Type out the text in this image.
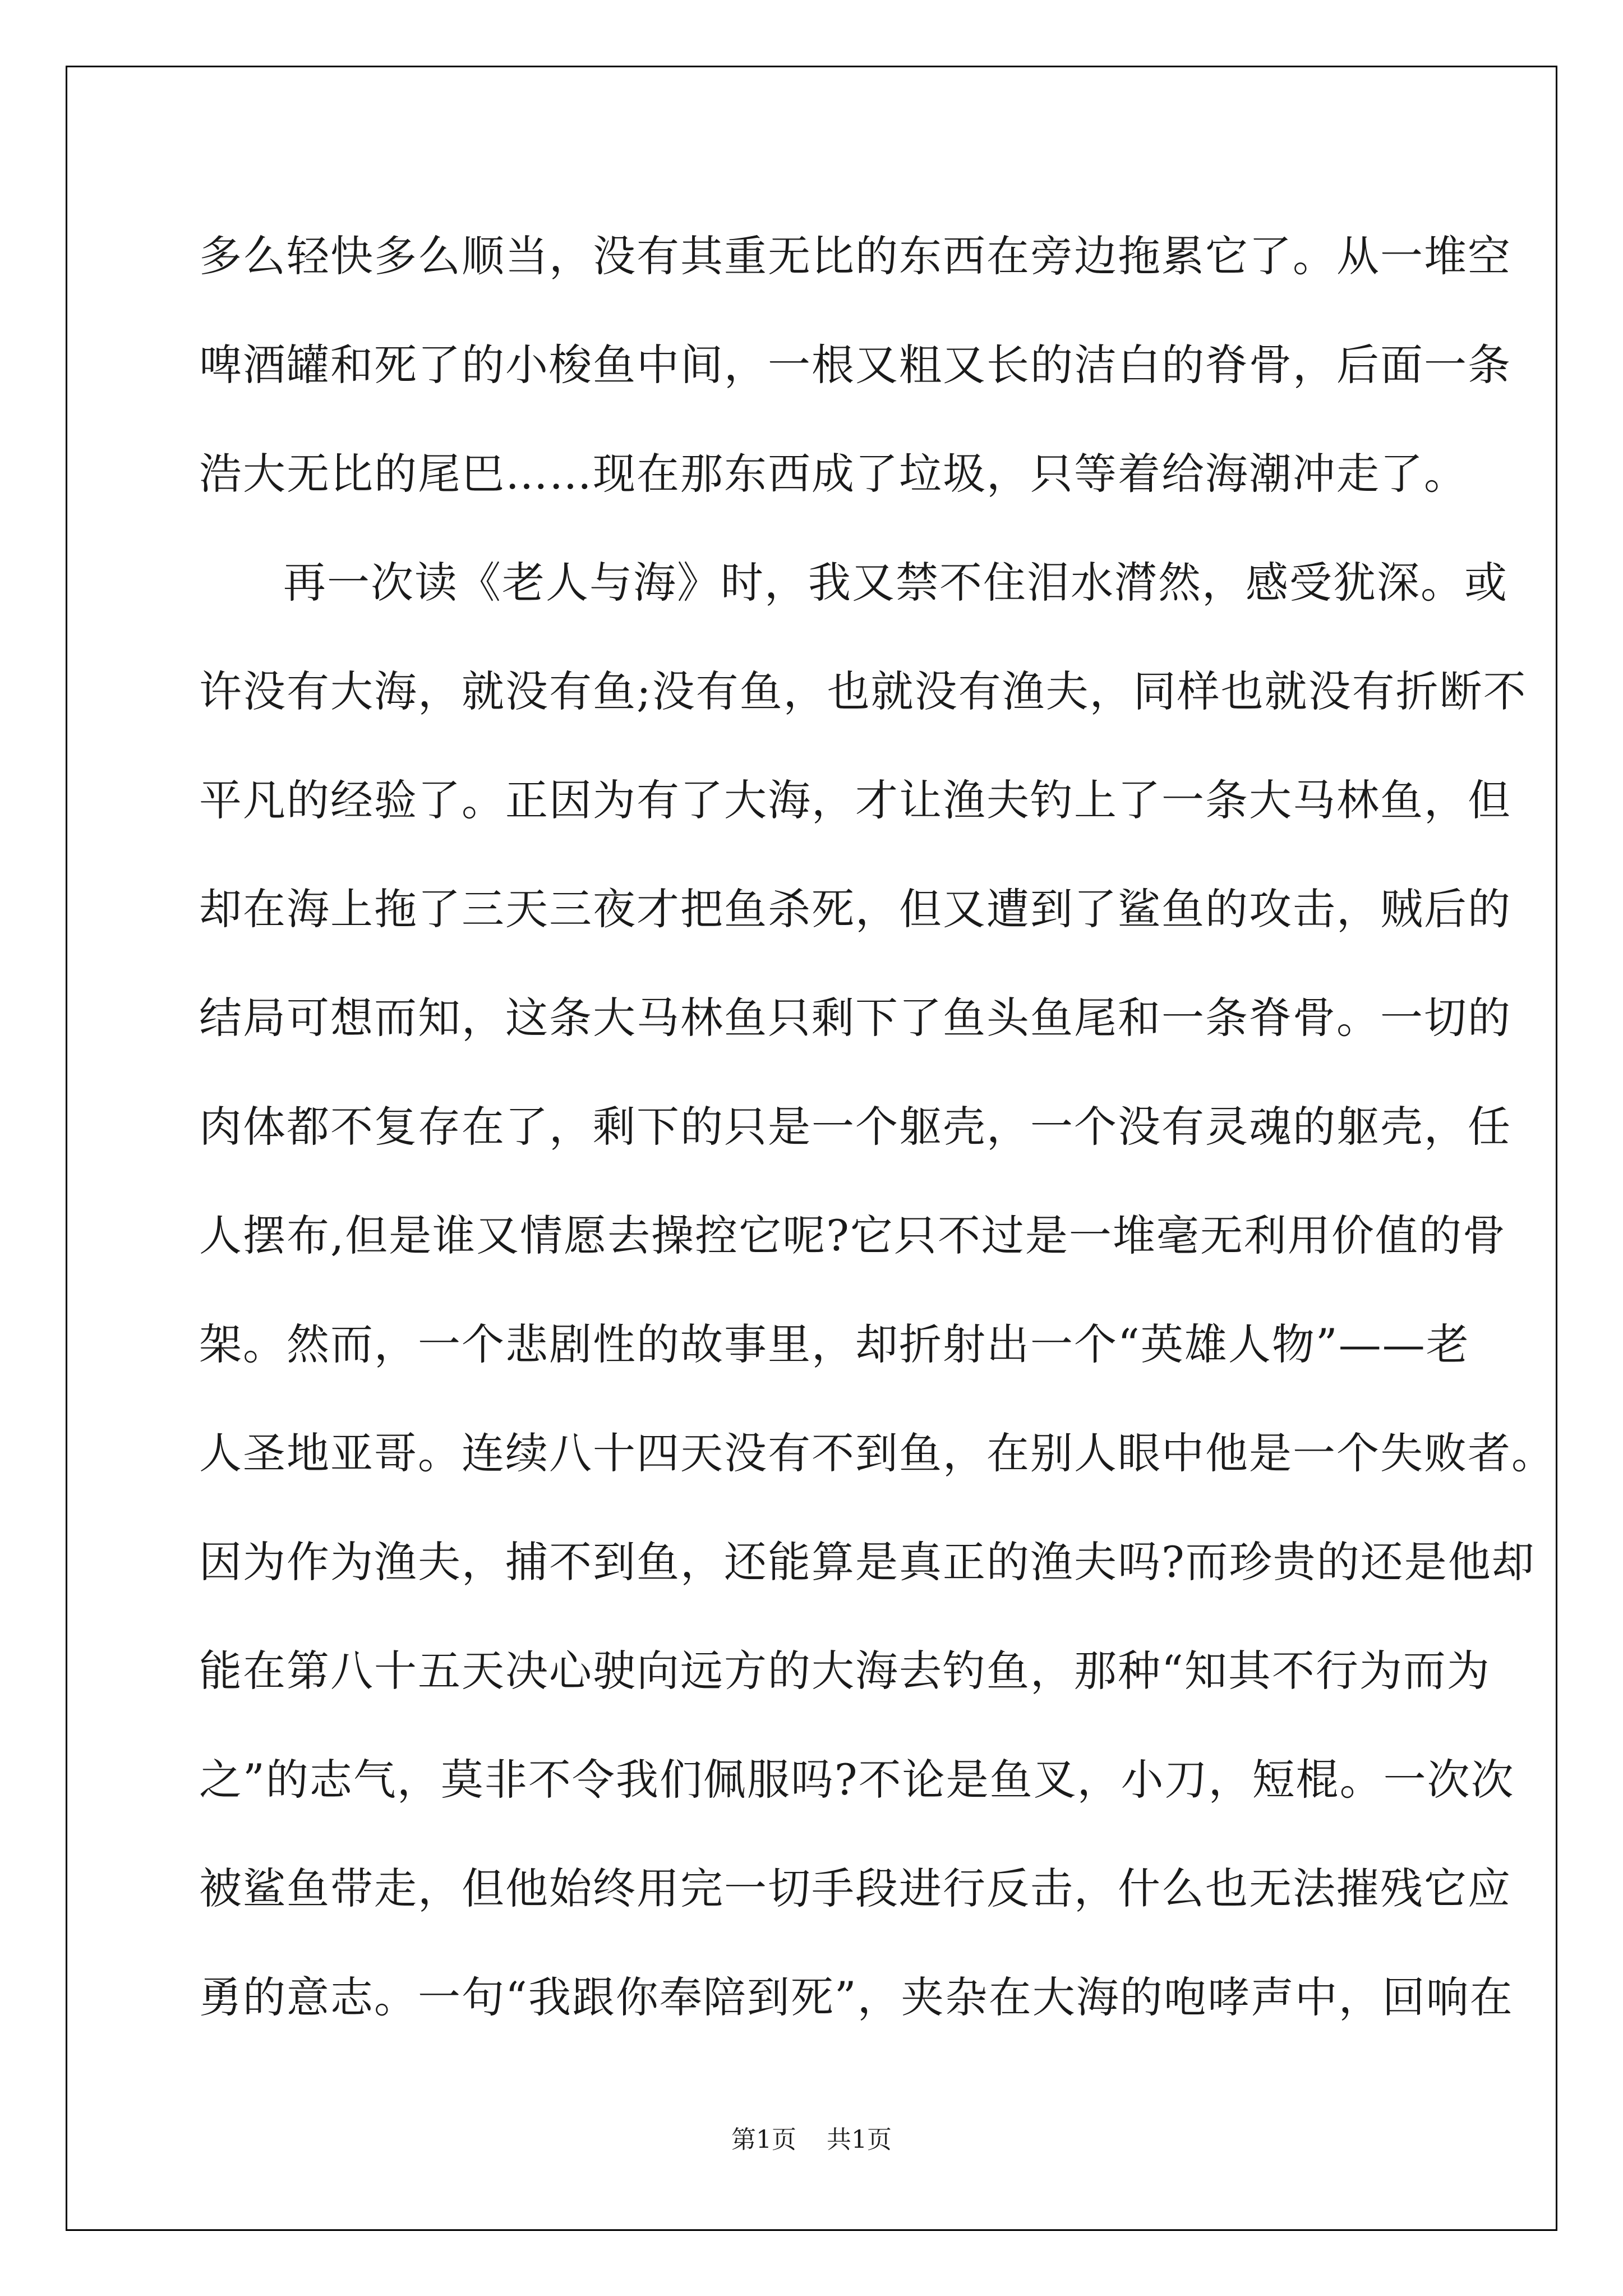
多么轻快多么顺当，没有其重无比的东西在旁边拖累它了。从一堆空
啤酒罐和死了的小梭鱼中间，一根又粗又长的洁白的脊骨，后面一条
浩大无比的尾巴……现在那东西成了垃圾，只等着给海潮冲走了。
再一次读《老人与海》时，我又禁不住泪水潸然，感受犹深。或
许没有大海，就没有鱼;没有鱼，也就没有渔夫，同样也就没有折断不
平凡的经验了。正因为有了大海，才让渔夫钓上了一条大马林鱼，但
却在海上拖了三天三夜才把鱼杀死，但又遭到了鲨鱼的攻击，贼后的
结局可想而知，这条大马林鱼只剩下了鱼头鱼尾和一条脊骨。一切的
肉体都不复存在了，剩下的只是一个躯壳，一个没有灵魂的躯壳，任
人摆布,但是谁又情愿去操控它呢?它只不过是一堆毫无利用价值的骨
架。然而，一个悲剧性的故事里，却折射出一个“英雄人物”——老
人圣地亚哥。连续八十四天没有不到鱼，在别人眼中他是一个失败者。
因为作为渔夫，捕不到鱼，还能算是真正的渔夫吗?而珍贵的还是他却
能在第八十五天决心驶向远方的大海去钓鱼，那种“知其不行为而为
之”的志气，莫非不令我们佩服吗?不论是鱼叉，小刀，短棍。一次次
被鲨鱼带走，但他始终用完一切手段进行反击，什么也无法摧残它应
勇的意志。一句“我跟你奉陪到死”，夹杂在大海的咆哮声中，回响在
第1页 共1页
